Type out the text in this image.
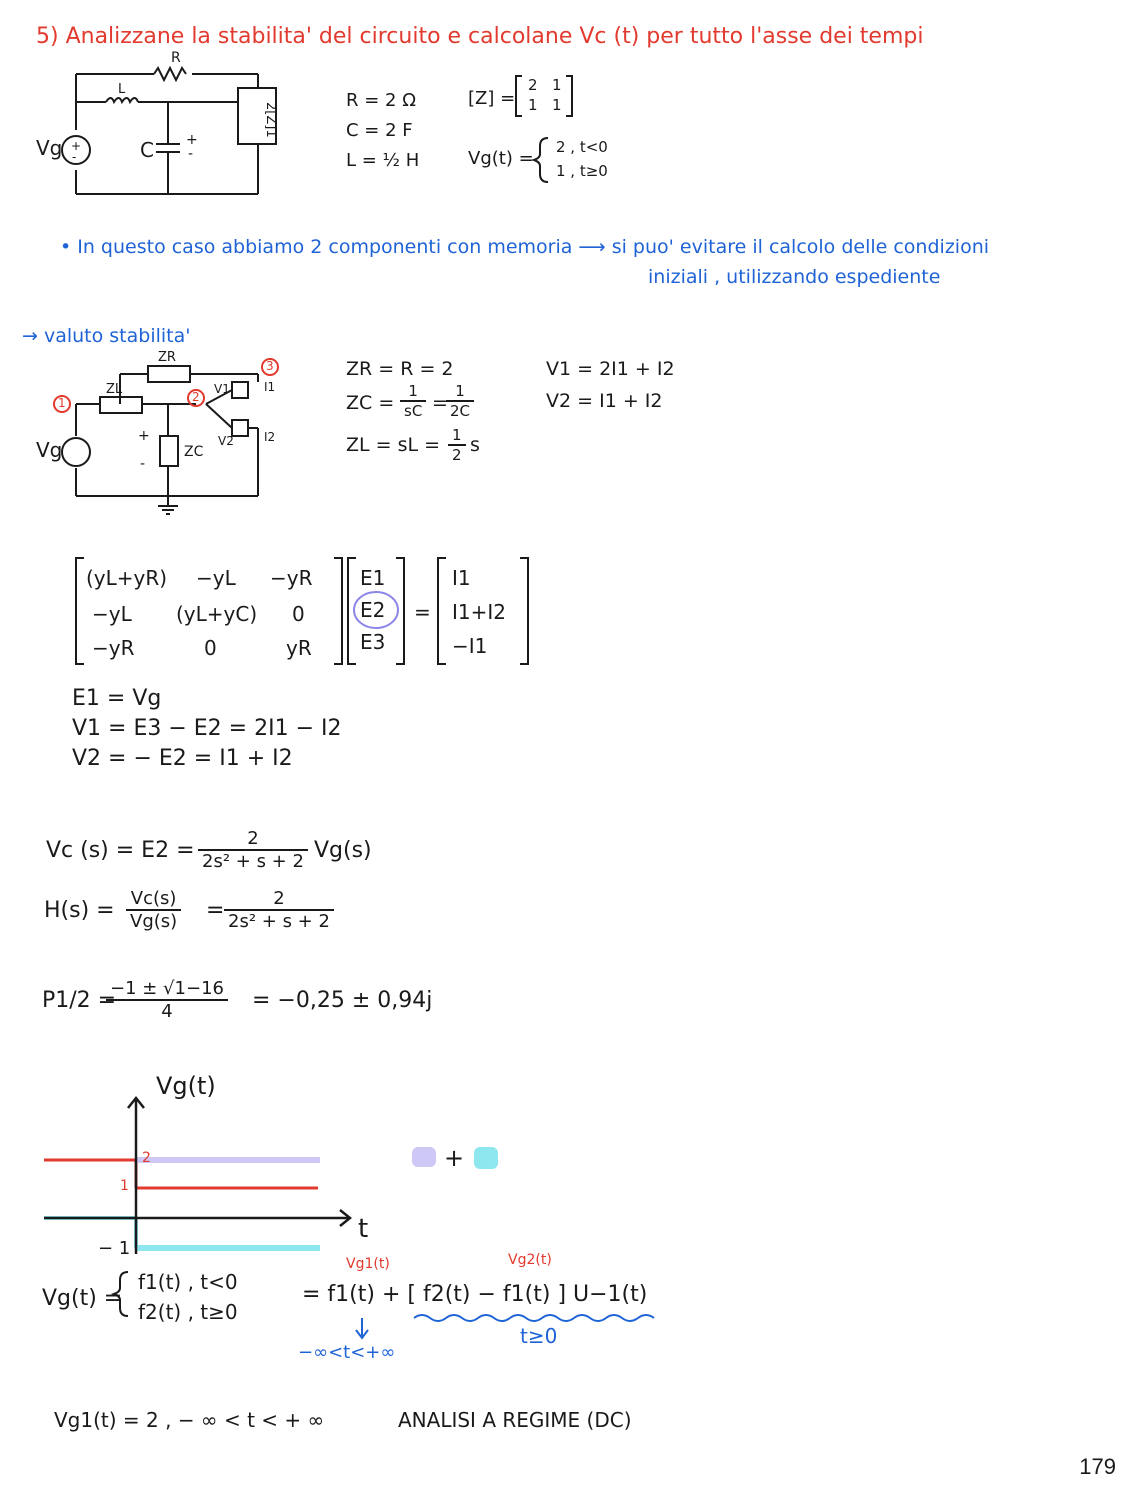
5) Analizzane la stabilita' del circuito e calcolane Vc (t) per tutto l'asse dei tempi
R
L
C +
-
2[Z]1
Vg +
-
R = 2 Ω
C = 2 F
L = ½ H
[Z] =
2 1
1 1
Vg(t) =
2 , t<0
1 , t≥0
• In questo caso abbiamo 2 componenti con memoria ⟶ si puo' evitare il calcolo delle condizioni
iniziali , utilizzando espediente
→ valuto stabilita'
ZR
ZL
ZC
1	2
3
V1
V2
I1
I2
Vg
+
-
ZR = R = 2
ZC = $\frac{1}{sC}$ =
$\frac{1}{2C}$
ZL = sL = $\frac{1}{2}$ s
V1 = 2I1 + I2
V2 = I1 + I2
(yL+yR) −yL −yR
−yL (yL+yC) 0
−yR	0	yR
E1
E2
E3
=
I1
I1+I2
−I1
E1 = Vg
V1 = E3 − E2 = 2I1 − I2
V2 = − E2 = I1 + I2
Vc $(s) = E2 = \frac{2}{\text{2s² + s + 2}} Vg(s)$
$H(s) = \frac{Vc(s)}{Vg(s)} = \frac{2}{\text{2s² + s + 2}}$
P1/2 =
$\frac{-1 \pm √1-16}{4} = -0,25 \pm 0,94j$
Vg(t)
t
2
1
− 1
+
Vg1(t)	Vg2(t)
Vg(t) =
f1(t) , t<0
f2(t) , t≥0
= f1(t) + [ f2(t) − f1(t) ] U−1(t)
−∞<t<+∞
t≥0
Vg1(t) = 2 , − ∞ < t < + ∞	ANALISI A REGIME (DC)
179
